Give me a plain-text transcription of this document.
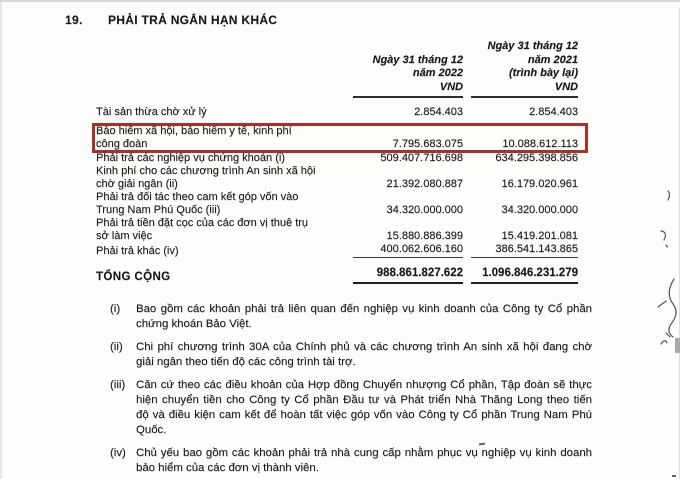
19.	PHẢI TRẢ NGẮN HẠN KHÁC
Ngày 31 tháng 12
năm 2022
VND
Ngày 31 tháng 12
năm 2021
(trình bày lại)
VND
Tài sản thừa chờ xử lý	2.854.403	2.854.403
Bảo hiểm xã hội, bảo hiểm y tế, kinh phí
công đoàn	7.795.683.075	10.088.612.113
Phải trả các nghiệp vụ chứng khoán (i)	509.407.716.698	634.295.398.856
Kinh phí cho các chương trình An sinh xã hội
chờ giải ngân (ii)	21.392.080.887	16.179.020.961
Phải trả đối tác theo cam kết góp vốn vào
Trung Nam Phú Quốc (iii)	34.320.000.000	34.320.000.000
Phải trả tiền đặt cọc của các đơn vị thuê trụ
sở làm việc	15.880.886.399	15.419.201.081
Phải trả khác (iv)	400.062.606.160	386.541.143.865
TỔNG CỘNG	988.861.827.622	1.096.846.231.279
(i)	Bao gồm các khoản phải trả liên quan đến nghiệp vụ kinh doanh của Công ty Cổ phần
chứng khoán Bảo Việt.
(ii)	Chi phí chương trình 30A của Chính phủ và các chương trình An sinh xã hội đang chờ
giải ngân theo tiến độ các công trình tài trợ.
(iii) Căn cứ theo các điều khoản của Hợp đồng Chuyển nhượng Cổ phần, Tập đoàn sẽ thực
hiện chuyển tiền cho Công ty Cổ phần Đầu tư và Phát triển Nhà Thăng Long theo tiến
độ và điều kiện cam kết để hoàn tất việc góp vốn vào Công ty Cổ phần Trung Nam Phú
Quốc.
(iv) Chủ yếu bao gồm các khoản phải trả nhà cung cấp nhằm phục vụ nghiệp vụ kinh doanh
bảo hiểm của các đơn vị thành viên.
